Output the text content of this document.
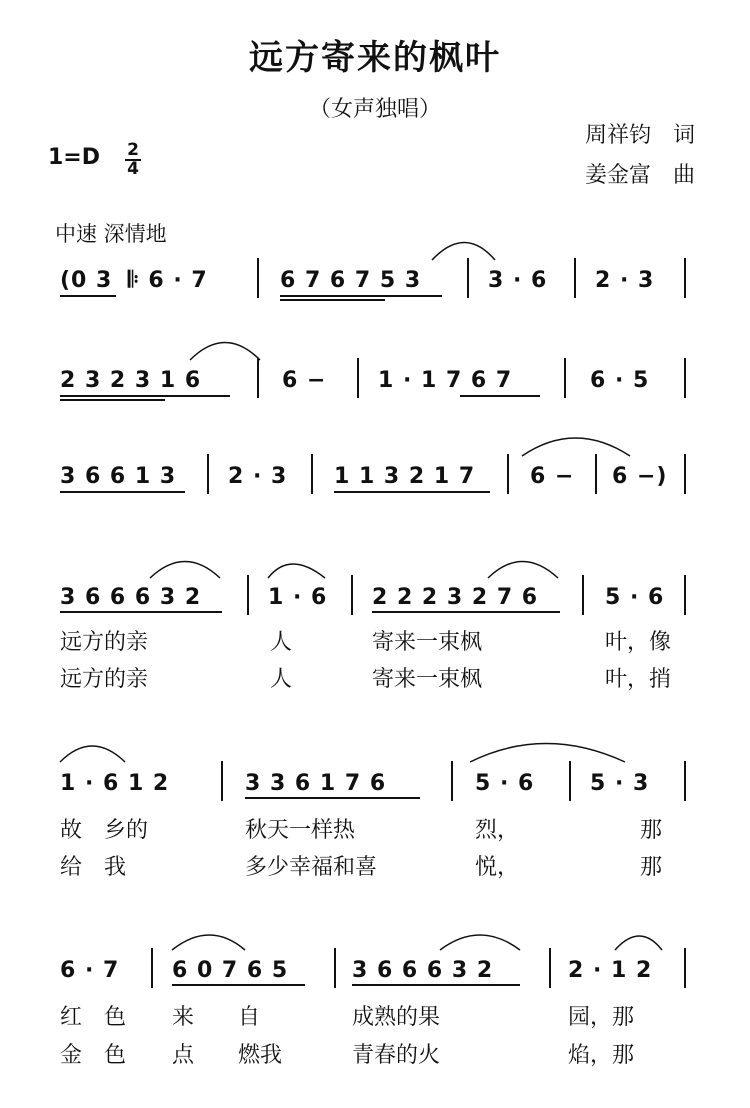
远方寄来的枫叶
（女声独唱）
周祥钧　词
姜金富　曲
1=D 2
4
中速 深情地
(0 3 𝄆 6 · 7	6 7 6 7 5 3	3 · 6 2 · 3
2 3 2 3 1 6	6 − 1 · 1 7 6 7	6 · 5
3 6 6 1 3 2 · 3 1 1 3 2 1 7 6 − 6 −)
3 6 6 6 3 2	1 · 6 2 2 2 3 2 7 6	5 · 6
远方的亲	人	寄来一束枫	叶，像
远方的亲	人	寄来一束枫	叶，捎
1 · 6 1 2	3 3 6 1 7 6	5 · 6	5 · 3
故　乡的	秋天一样热	烈，	那
给　我	多少幸福和喜	悦，	那
6 · 7 6 0 7 6 5	3 6 6 6 3 2	2 · 1 2
红　色 来　　自	成熟的果	园，那
金　色 点　　燃我	青春的火	焰，那
